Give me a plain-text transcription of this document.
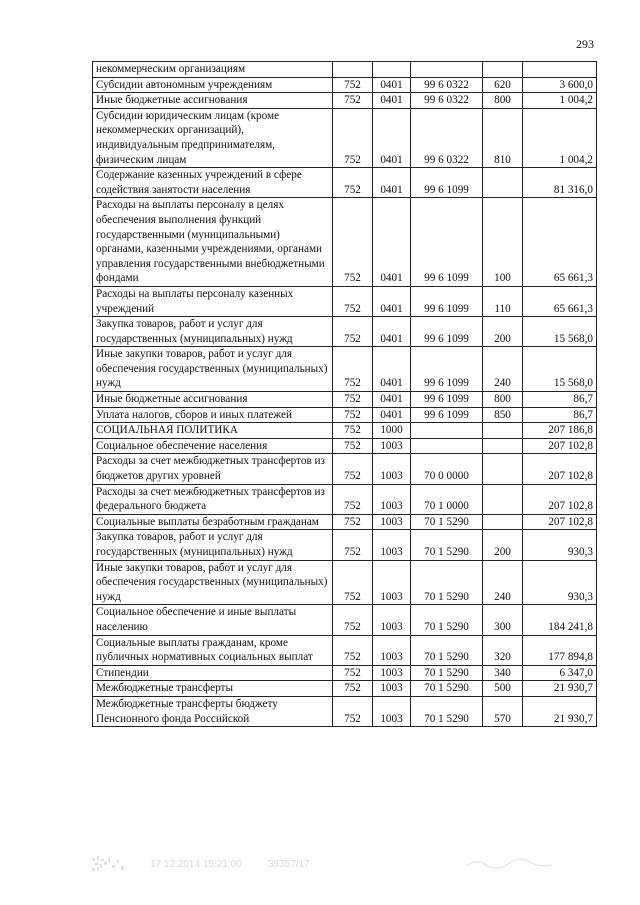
293
некоммерческим организациям					
Субсидии автономным учреждениям	752	0401	99 6 0322	620	3 600,0
Иные бюджетные ассигнования	752	0401	99 6 0322	800	1 004,2
Субсидии юридическим лицам (кроме некоммерческих организаций), индивидуальным предпринимателям, физическим лицам	752	0401	99 6 0322	810	1 004,2
Содержание казенных учреждений в сфере содействия занятости населения	752	0401	99 6 1099		81 316,0
Расходы на выплаты персоналу в целях обеспечения выполнения функций государственными (муниципальными) органами, казенными учреждениями, органами управления государственными внебюджетными фондами	752	0401	99 6 1099	100	65 661,3
Расходы на выплаты персоналу казенных учреждений	752	0401	99 6 1099	110	65 661,3
Закупка товаров, работ и услуг для государственных (муниципальных) нужд	752	0401	99 6 1099	200	15 568,0
Иные закупки товаров, работ и услуг для обеспечения государственных (муниципальных) нужд	752	0401	99 6 1099	240	15 568,0
Иные бюджетные ассигнования	752	0401	99 6 1099	800	86,7
Уплата налогов, сборов и иных платежей	752	0401	99 6 1099	850	86,7
СОЦИАЛЬНАЯ ПОЛИТИКА	752	1000			207 186,8
Социальное обеспечение населения	752	1003			207 102,8
Расходы за счет межбюджетных трансфертов из бюджетов других уровней	752	1003	70 0 0000		207 102,8
Расходы за счет межбюджетных трансфертов из федерального бюджета	752	1003	70 1 0000		207 102,8
Социальные выплаты безработным гражданам	752	1003	70 1 5290		207 102,8
Закупка товаров, работ и услуг для государственных (муниципальных) нужд	752	1003	70 1 5290	200	930,3
Иные закупки товаров, работ и услуг для обеспечения государственных (муниципальных) нужд	752	1003	70 1 5290	240	930,3
Социальное обеспечение и иные выплаты населению	752	1003	70 1 5290	300	184 241,8
Социальные выплаты гражданам, кроме публичных нормативных социальных выплат	752	1003	70 1 5290	320	177 894,8
Стипендии	752	1003	70 1 5290	340	6 347,0
Межбюджетные трансферты	752	1003	70 1 5290	500	21 930,7
Межбюджетные трансферты бюджету Пенсионного фонда Российской	752	1003	70 1 5290	570	21 930,7
17.12.2014 15:21:00	35357/17
